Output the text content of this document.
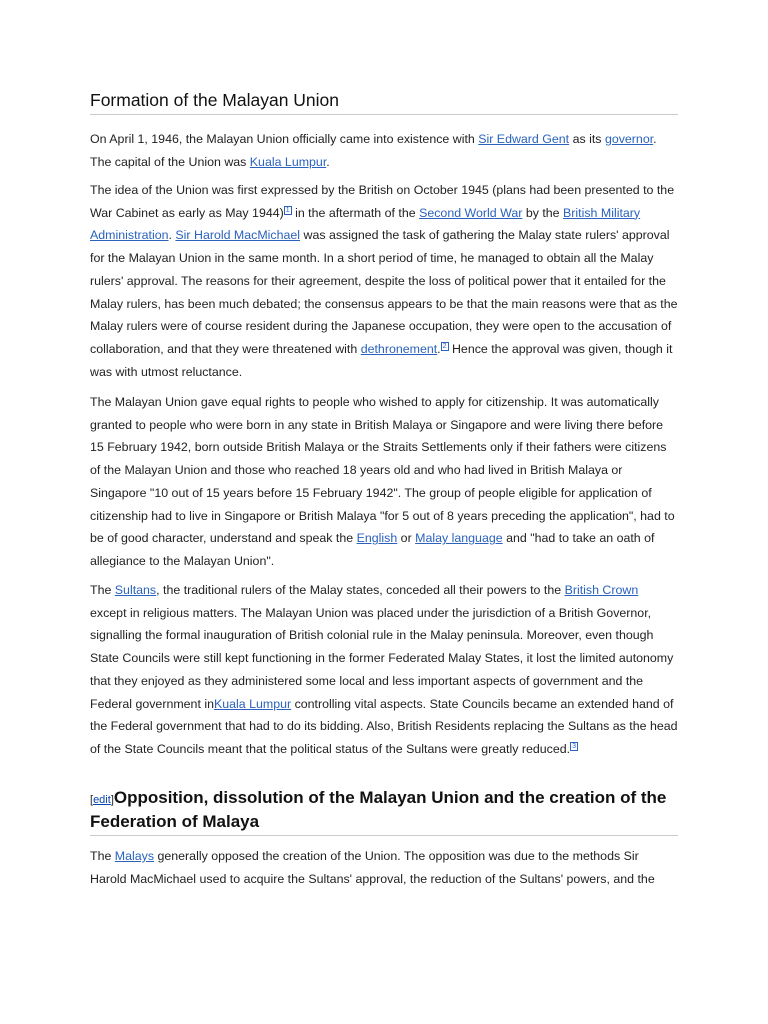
Formation of the Malayan Union

On April 1, 1946, the Malayan Union officially came into existence with Sir Edward Gent as its governor. The capital of the Union was Kuala Lumpur.

The idea of the Union was first expressed by the British on October 1945 (plans had been presented to the War Cabinet as early as May 1944) $^1$ in the aftermath of the Second World War by the British Military Administration. Sir Harold MacMichael was assigned the task of gathering the Malay state rulers' approval for the Malayan Union in the same month. In a short period of time, he managed to obtain all the Malay rulers' approval. The reasons for their agreement, despite the loss of political power that it entailed for the Malay rulers, has been much debated; the consensus appears to be that the main reasons were that as the Malay rulers were of course resident during the Japanese occupation, they were open to the accusation of collaboration, and that they were threatened with dethronement. $^2$ Hence the approval was given, though it was with utmost reluctance.

The Malayan Union gave equal rights to people who wished to apply for citizenship. It was automatically granted to people who were born in any state in British Malaya or Singapore and were living there before 15 February 1942, born outside British Malaya or the Straits Settlements only if their fathers were citizens of the Malayan Union and those who reached 18 years old and who had lived in British Malaya or Singapore "10 out of 15 years before 15 February 1942". The group of people eligible for application of citizenship had to live in Singapore or British Malaya "for 5 out of 8 years preceding the application", had to be of good character, understand and speak the English or Malay language and "had to take an oath of allegiance to the Malayan Union".

The Sultans, the traditional rulers of the Malay states, conceded all their powers to the British Crown except in religious matters. The Malayan Union was placed under the jurisdiction of a British Governor, signalling the formal inauguration of British colonial rule in the Malay peninsula. Moreover, even though State Councils were still kept functioning in the former Federated Malay States, it lost the limited autonomy that they enjoyed as they administered some local and less important aspects of government and the Federal government inKuala Lumpur controlling vital aspects. State Councils became an extended hand of the Federal government that had to do its bidding. Also, British Residents replacing the Sultans as the head of the State Councils meant that the political status of the Sultans were greatly reduced. $^3$

[edit]Opposition, dissolution of the Malayan Union and the creation of the Federation of Malaya

The Malays generally opposed the creation of the Union. The opposition was due to the methods Sir Harold MacMichael used to acquire the Sultans' approval, the reduction of the Sultans' powers, and the
